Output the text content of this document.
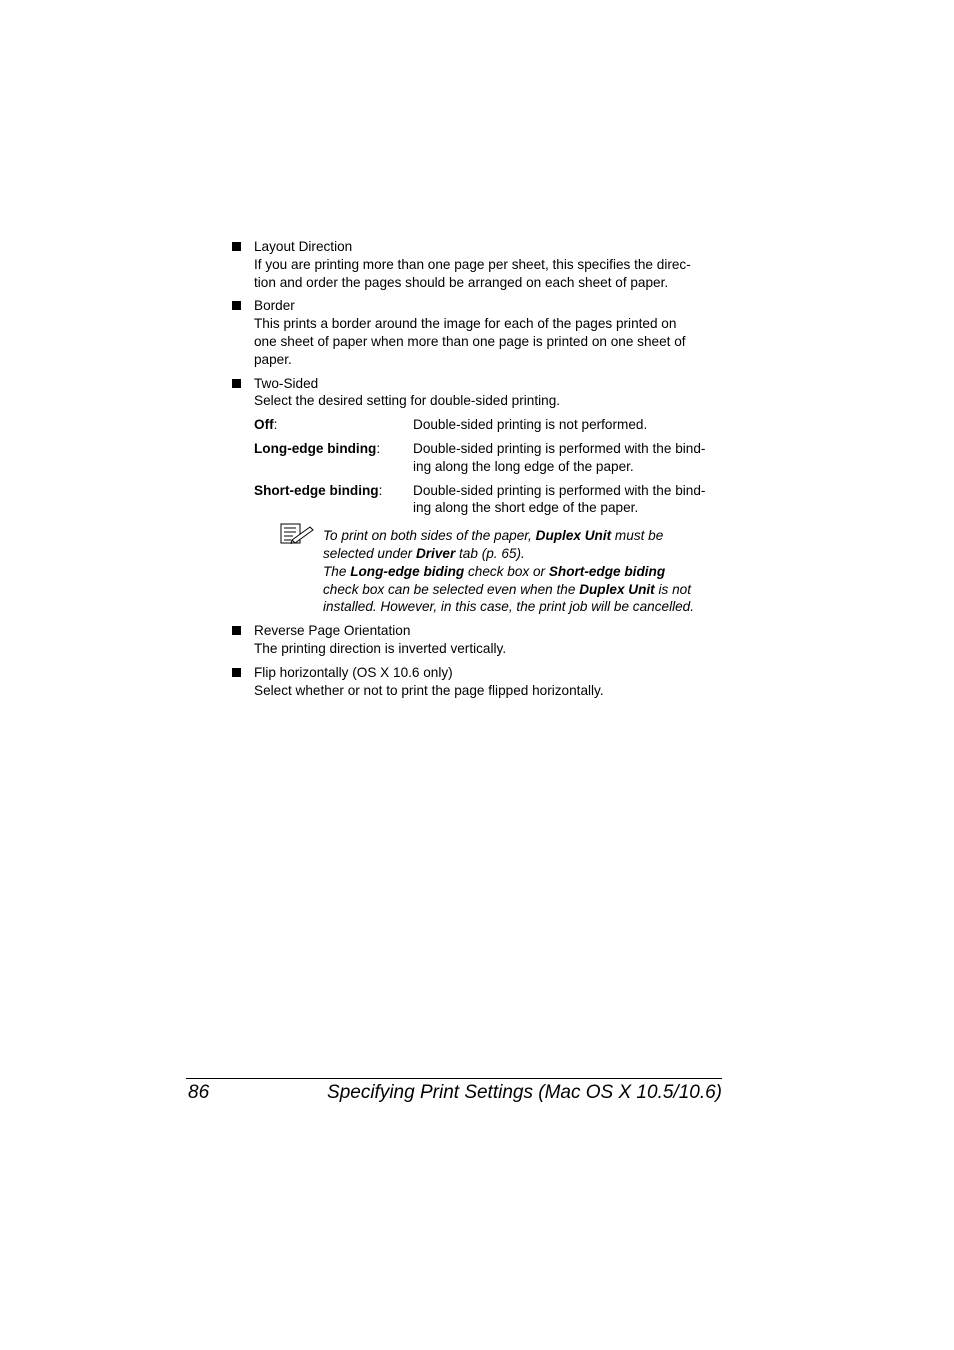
Layout Direction

If you are printing more than one page per sheet, this specifies the direc-

tion and order the pages should be arranged on each sheet of paper.

Border

This prints a border around the image for each of the pages printed on

one sheet of paper when more than one page is printed on one sheet of

paper.

Two-Sided

Select the desired setting for double-sided printing.

Off:	Double-sided printing is not performed.
Long-edge binding:	Double-sided printing is performed with the bind-
ing along the long edge of the paper.
Short-edge binding:	Double-sided printing is performed with the bind-
ing along the short edge of the paper.
To print on both sides of the paper, Duplex Unit must be
selected under Driver tab (p. 65).
The Long-edge biding check box or Short-edge biding
check box can be selected even when the Duplex Unit is not
installed. However, in this case, the print job will be cancelled.

Reverse Page Orientation

The printing direction is inverted vertically.

Flip horizontally (OS X 10.6 only)

Select whether or not to print the page flipped horizontally.

86	Specifying Print Settings (Mac OS X 10.5/10.6)
